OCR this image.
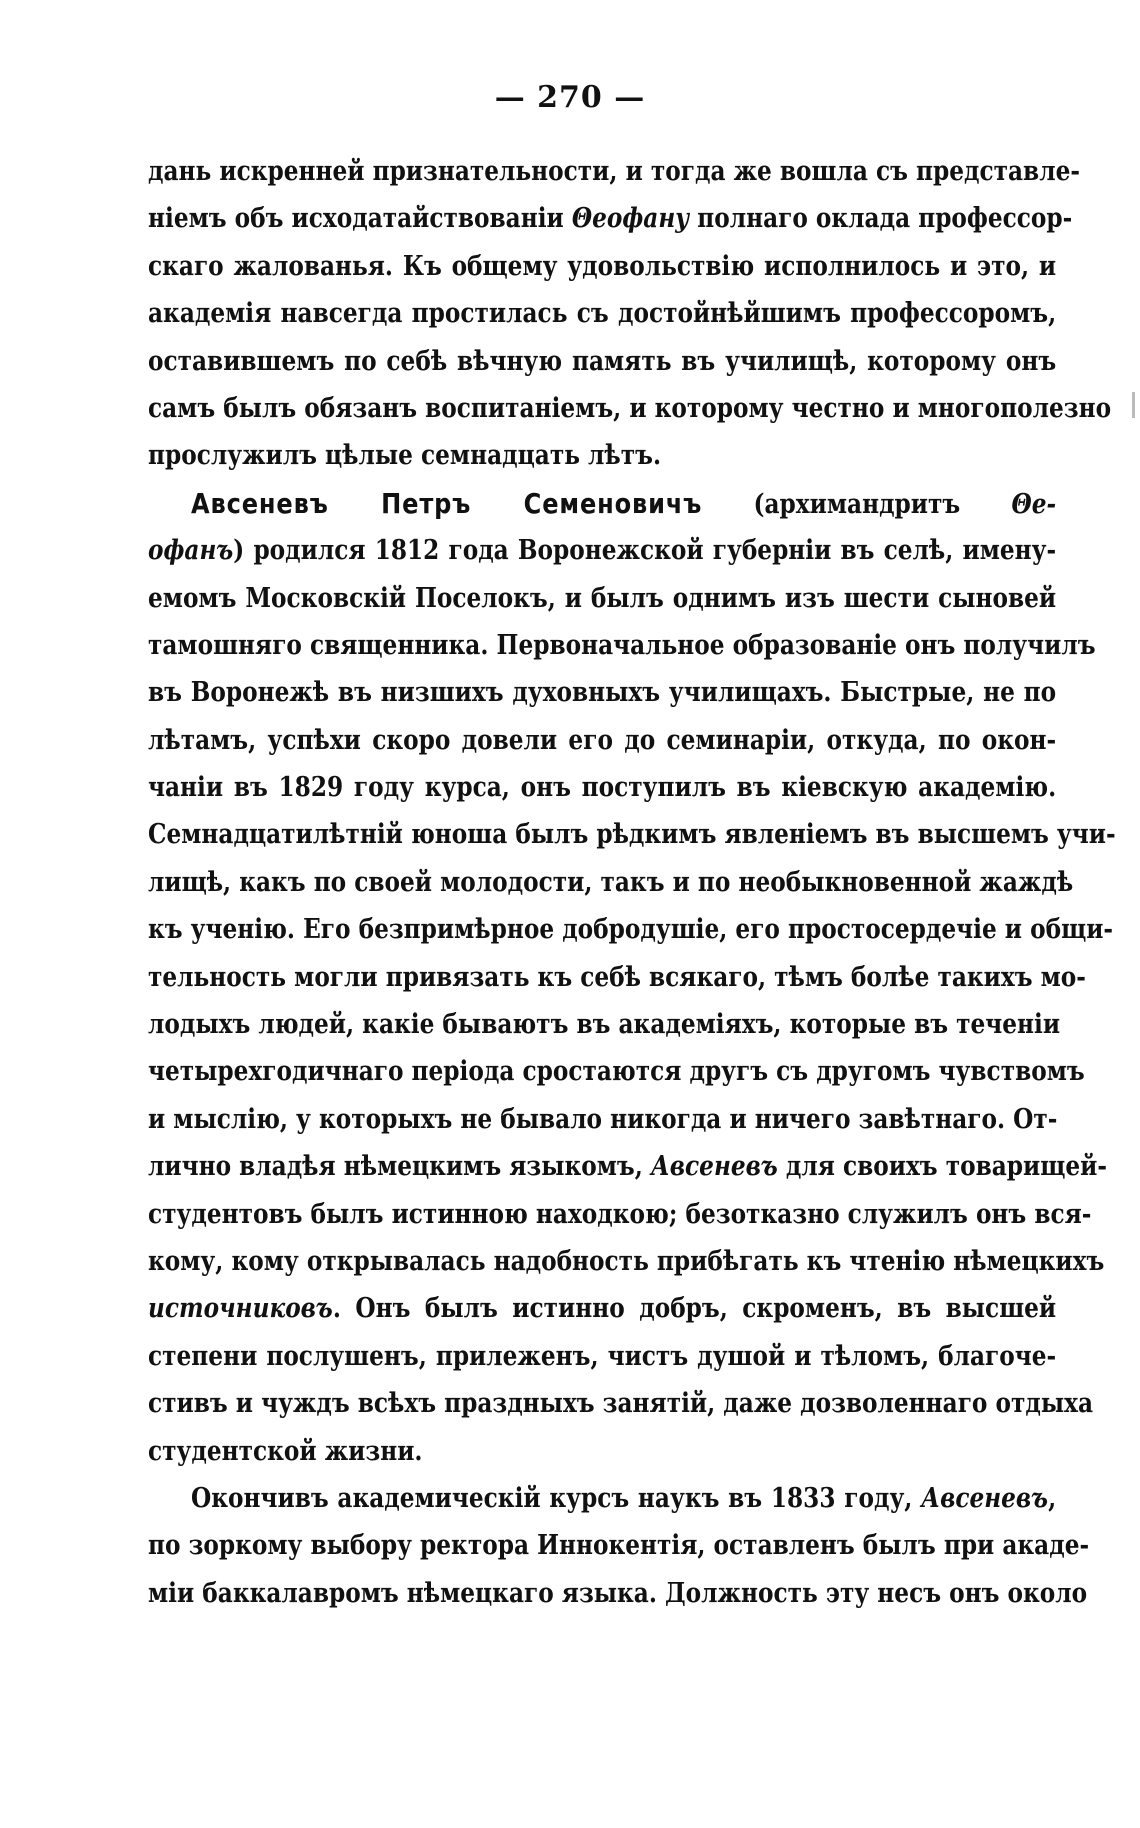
— 270 —
дань искренней признательности, и тогда же вошла съ представле-
ніемъ объ исходатайствованіи Θеофану полнаго оклада профессор-
скаго жалованья. Къ общему удовольствію исполнилось и это, и
академія навсегда простилась съ достойнѣйшимъ профессоромъ,
оставившемъ по себѣ вѣчную память въ училищѣ, которому онъ
самъ былъ обязанъ воспитаніемъ, и которому честно и многополезно
прослужилъ цѣлые семнадцать лѣтъ.
Авсеневъ Петръ Семеновичъ (архимандритъ Θе-
офанъ) родился 1812 года Воронежской губерніи въ селѣ, имену-
емомъ Московскій Поселокъ, и былъ однимъ изъ шести сыновей
тамошняго священника. Первоначальное образованіе онъ получилъ
въ Воронежѣ въ низшихъ духовныхъ училищахъ. Быстрые, не по
лѣтамъ, успѣхи скоро довели его до семинаріи, откуда, по окон-
чаніи въ 1829 году курса, онъ поступилъ въ кіевскую академію.
Семнадцатилѣтній юноша былъ рѣдкимъ явленіемъ въ высшемъ учи-
лищѣ, какъ по своей молодости, такъ и по необыкновенной жаждѣ
къ ученію. Его безпримѣрное добродушіе, его простосердечіе и общи-
тельность могли привязать къ себѣ всякаго, тѣмъ болѣе такихъ мо-
лодыхъ людей, какіе бываютъ въ академіяхъ, которые въ теченіи
четырехгодичнаго періода сростаются другъ съ другомъ чувствомъ
и мыслію, у которыхъ не бывало никогда и ничего завѣтнаго. От-
лично владѣя нѣмецкимъ языкомъ, Авсеневъ для своихъ товарищей-
студентовъ былъ истинною находкою; безотказно служилъ онъ вся-
кому, кому открывалась надобность прибѣгать къ чтенію нѣмецкихъ
источниковъ. Онъ былъ истинно добръ, скроменъ, въ высшей
степени послушенъ, прилеженъ, чистъ душой и тѣломъ, благоче-
стивъ и чуждъ всѣхъ праздныхъ занятій, даже дозволеннаго отдыха
студентской жизни.
Окончивъ академическій курсъ наукъ въ 1833 году, Авсеневъ,
по зоркому выбору ректора Иннокентія, оставленъ былъ при акаде-
міи баккалавромъ нѣмецкаго языка. Должность эту несъ онъ около
